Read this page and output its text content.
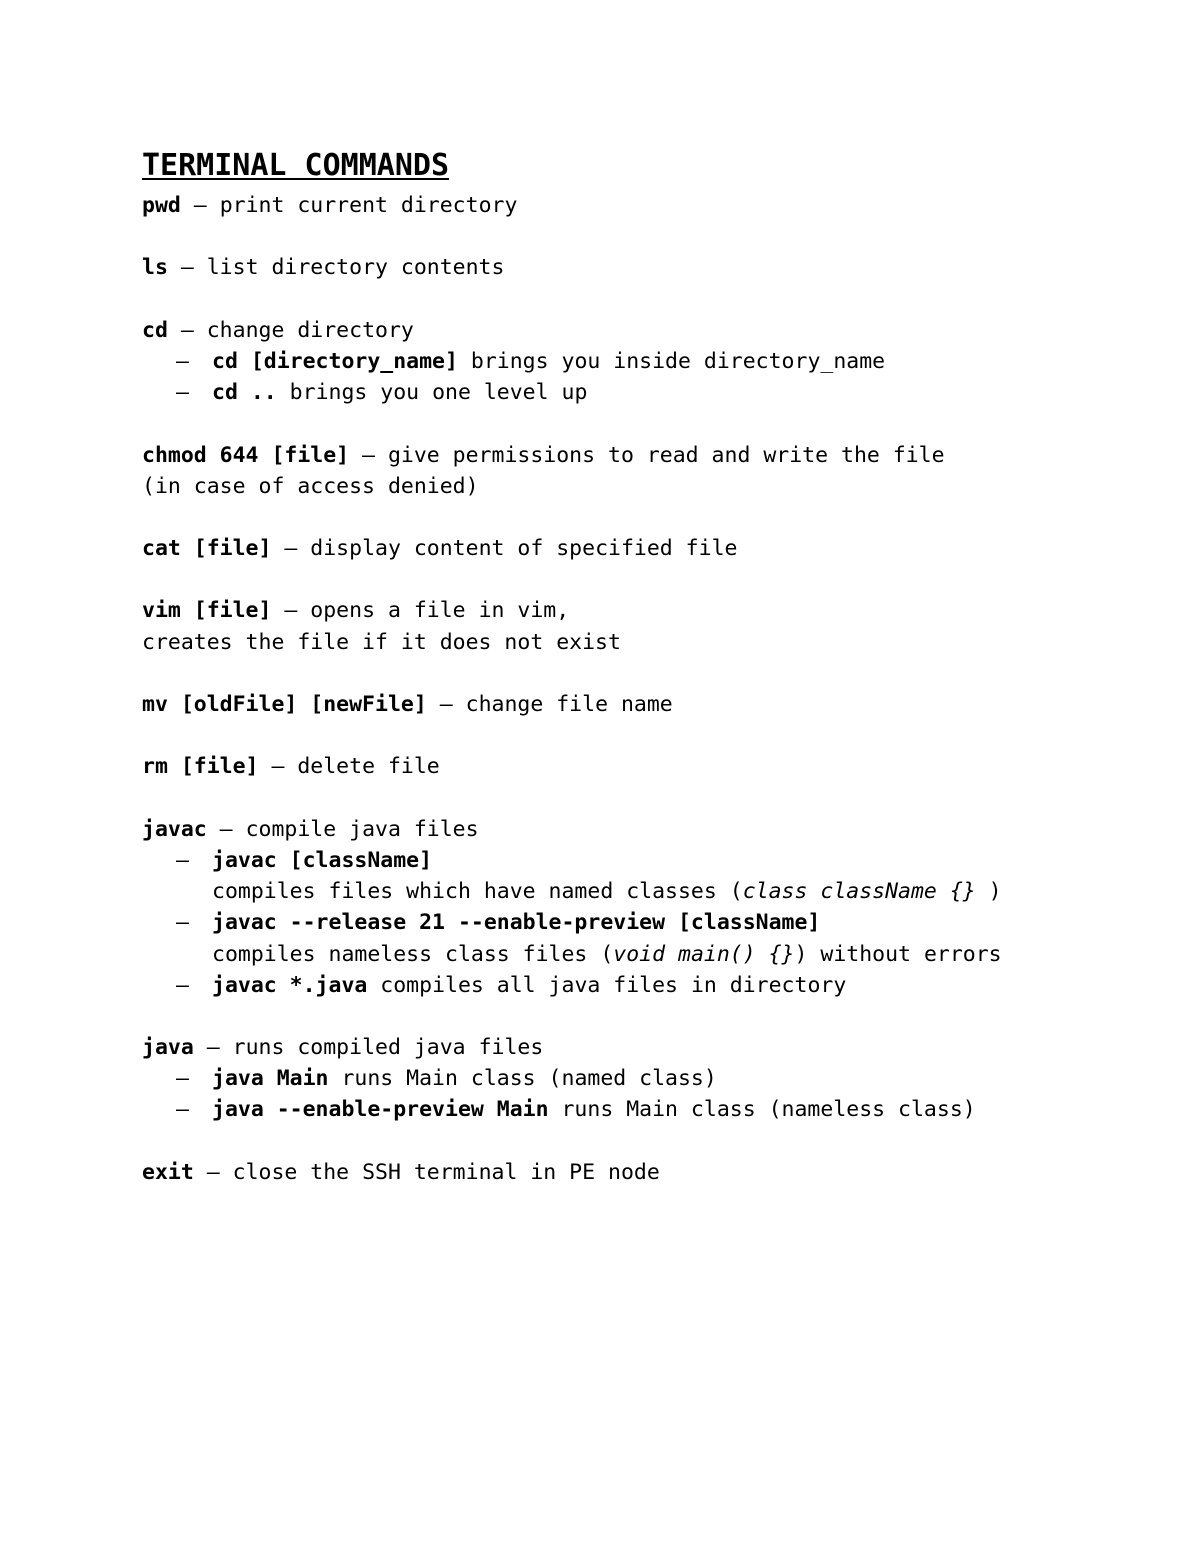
TERMINAL COMMANDS
pwd – print current directory
ls – list directory contents
cd – change directory
– cd [directory_name] brings you inside directory_name
– cd .. brings you one level up
chmod 644 [file] – give permissions to read and write the file
(in case of access denied)
cat [file] – display content of specified file
vim [file] – opens a file in vim,
creates the file if it does not exist
mv [oldFile] [newFile] – change file name
rm [file] – delete file
javac – compile java files
– javac [className]
compiles files which have named classes (class className {} )
– javac --release 21 --enable-preview [className]
compiles nameless class files (void main() {}) without errors
– javac *.java compiles all java files in directory
java – runs compiled java files
– java Main runs Main class (named class)
– java --enable-preview Main runs Main class (nameless class)
exit – close the SSH terminal in PE node
